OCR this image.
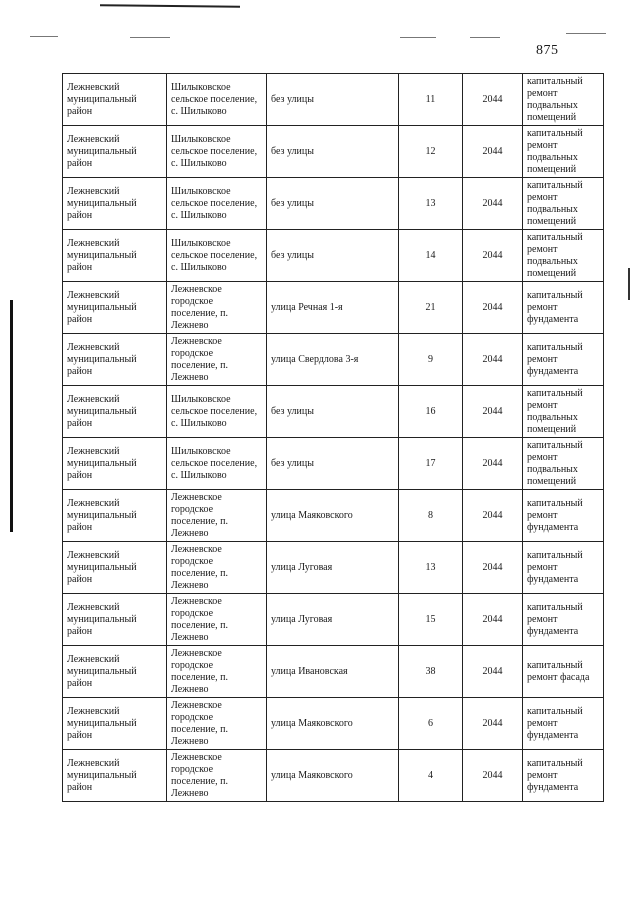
875
Лежневский муниципальный район	Шилыковское сельское поселение, с. Шилыково	без улицы	11	2044	капитальный ремонт подвальных помещений
Лежневский муниципальный район	Шилыковское сельское поселение, с. Шилыково	без улицы	12	2044	капитальный ремонт подвальных помещений
Лежневский муниципальный район	Шилыковское сельское поселение, с. Шилыково	без улицы	13	2044	капитальный ремонт подвальных помещений
Лежневский муниципальный район	Шилыковское сельское поселение, с. Шилыково	без улицы	14	2044	капитальный ремонт подвальных помещений
Лежневский муниципальный район	Лежневское городское поселение, п. Лежнево	улица Речная 1-я	21	2044	капитальный ремонт фундамента
Лежневский муниципальный район	Лежневское городское поселение, п. Лежнево	улица Свердлова 3-я	9	2044	капитальный ремонт фундамента
Лежневский муниципальный район	Шилыковское сельское поселение, с. Шилыково	без улицы	16	2044	капитальный ремонт подвальных помещений
Лежневский муниципальный район	Шилыковское сельское поселение, с. Шилыково	без улицы	17	2044	капитальный ремонт подвальных помещений
Лежневский муниципальный район	Лежневское городское поселение, п. Лежнево	улица Маяковского	8	2044	капитальный ремонт фундамента
Лежневский муниципальный район	Лежневское городское поселение, п. Лежнево	улица Луговая	13	2044	капитальный ремонт фундамента
Лежневский муниципальный район	Лежневское городское поселение, п. Лежнево	улица Луговая	15	2044	капитальный ремонт фундамента
Лежневский муниципальный район	Лежневское городское поселение, п. Лежнево	улица Ивановская	38	2044	капитальный ремонт фасада
Лежневский муниципальный район	Лежневское городское поселение, п. Лежнево	улица Маяковского	6	2044	капитальный ремонт фундамента
Лежневский муниципальный район	Лежневское городское поселение, п. Лежнево	улица Маяковского	4	2044	капитальный ремонт фундамента
